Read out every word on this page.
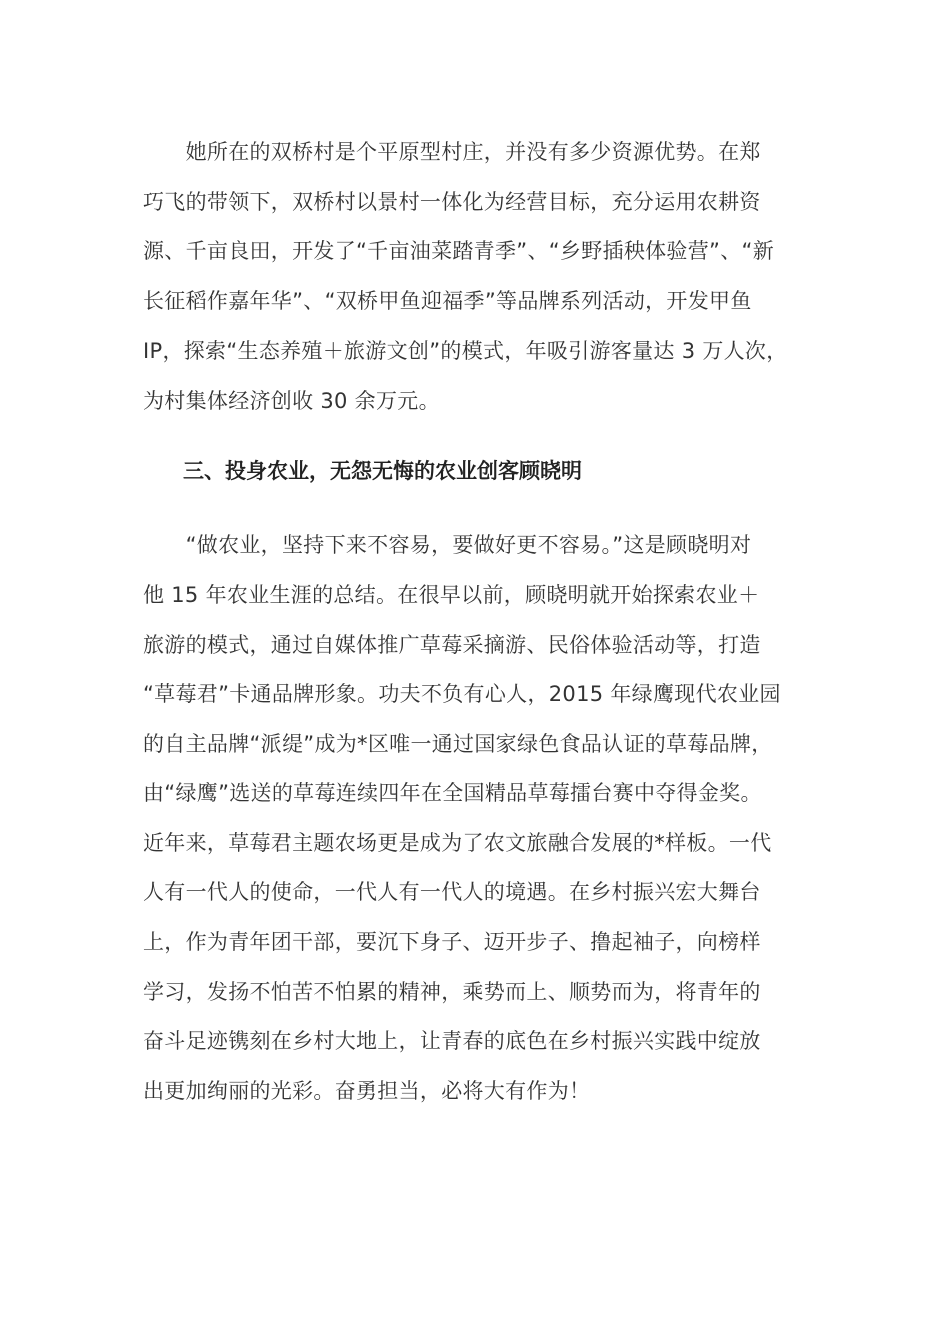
　　她所在的双桥村是个平原型村庄，并没有多少资源优势。在郑
巧飞的带领下，双桥村以景村一体化为经营目标，充分运用农耕资
源、千亩良田，开发了“千亩油菜踏青季”、“乡野插秧体验营”、“新
长征稻作嘉年华”、“双桥甲鱼迎福季”等品牌系列活动，开发甲鱼
IP，探索“生态养殖＋旅游文创”的模式，年吸引游客量达 3 万人次，
为村集体经济创收 30 余万元。
三、投身农业，无怨无悔的农业创客顾晓明
　　“做农业，坚持下来不容易，要做好更不容易。”这是顾晓明对
他 15 年农业生涯的总结。在很早以前，顾晓明就开始探索农业＋
旅游的模式，通过自媒体推广草莓采摘游、民俗体验活动等，打造
“草莓君”卡通品牌形象。功夫不负有心人，2015 年绿鹰现代农业园
的自主品牌“派缇”成为*区唯一通过国家绿色食品认证的草莓品牌，
由“绿鹰”选送的草莓连续四年在全国精品草莓擂台赛中夺得金奖。
近年来，草莓君主题农场更是成为了农文旅融合发展的*样板。一代
人有一代人的使命，一代人有一代人的境遇。在乡村振兴宏大舞台
上，作为青年团干部，要沉下身子、迈开步子、撸起袖子，向榜样
学习，发扬不怕苦不怕累的精神，乘势而上、顺势而为，将青年的
奋斗足迹镌刻在乡村大地上，让青春的底色在乡村振兴实践中绽放
出更加绚丽的光彩。奋勇担当，必将大有作为！
